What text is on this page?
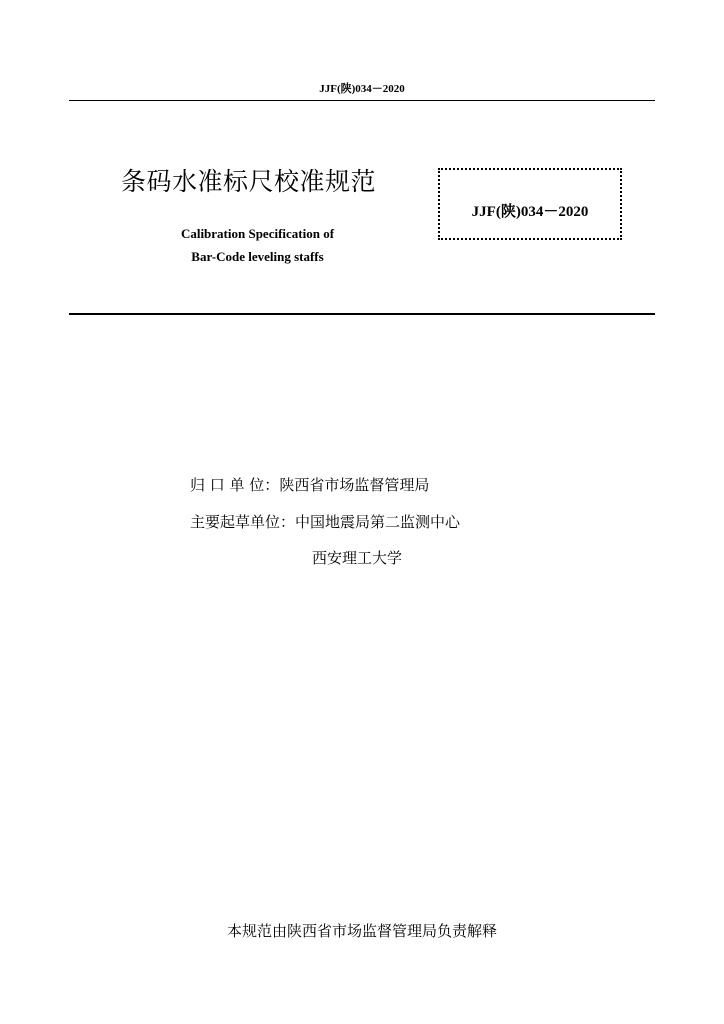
JJF(陕)034－2020
条码水准标尺校准规范
Calibration Specification of
Bar-Code leveling staffs
JJF(陕)034－2020
归 口 单 位：陕西省市场监督管理局
主要起草单位：中国地震局第二监测中心
西安理工大学
本规范由陕西省市场监督管理局负责解释
